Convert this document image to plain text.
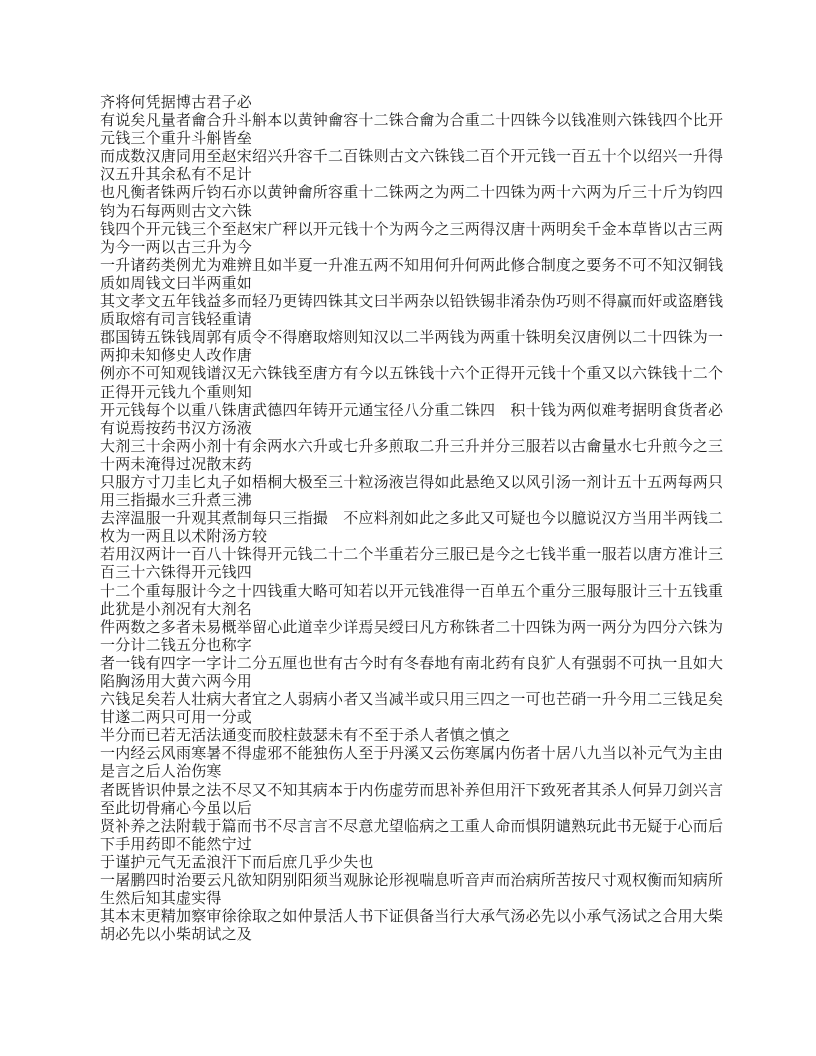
齐将何凭据博古君子必
有说矣凡量者龠合升斗斛本以黄钟龠容十二铢合龠为合重二十四铢今以钱准则六铢钱四个比开
元钱三个重升斗斛皆垒
而成数汉唐同用至赵宋绍兴升容千二百铢则古文六铢钱二百个开元钱一百五十个以绍兴一升得
汉五升其余私有不足计
也凡衡者铢两斤钧石亦以黄钟龠所容重十二铢两之为两二十四铢为两十六两为斤三十斤为钧四
钧为石每两则古文六铢
钱四个开元钱三个至赵宋广秤以开元钱十个为两今之三两得汉唐十两明矣千金本草皆以古三两
为今一两以古三升为今
一升诸药类例尤为难辨且如半夏一升准五两不知用何升何两此修合制度之要务不可不知汉铜钱
质如周钱文曰半两重如
其文孝文五年钱益多而轻乃更铸四铢其文曰半两杂以铅铁锡非淆杂伪巧则不得赢而奸或盗磨钱
质取熔有司言钱轻重请
郡国铸五铢钱周郭有质令不得磨取熔则知汉以二半两钱为两重十铢明矣汉唐例以二十四铢为一
两抑未知修史人改作唐
例亦不可知观钱谱汉无六铢钱至唐方有今以五铢钱十六个正得开元钱十个重又以六铢钱十二个
正得开元钱九个重则知
开元钱每个以重八铢唐武德四年铸开元通宝径八分重二铢四　积十钱为两似难考据明食货者必
有说焉按药书汉方汤液
大剂三十余两小剂十有余两水六升或七升多煎取二升三升并分三服若以古龠量水七升煎今之三
十两未淹得过况散末药
只服方寸刀圭匕丸子如梧桐大极至三十粒汤液岂得如此悬绝又以风引汤一剂计五十五两每两只
用三指撮水三升煮三沸
去滓温服一升观其煮制每只三指撮　不应料剂如此之多此又可疑也今以臆说汉方当用半两钱二
枚为一两且以术附汤方较
若用汉两计一百八十铢得开元钱二十二个半重若分三服已是今之七钱半重一服若以唐方准计三
百三十六铢得开元钱四
十二个重每服计今之十四钱重大略可知若以开元钱准得一百单五个重分三服每服计三十五钱重
此犹是小剂况有大剂名
件两数之多者未易概举留心此道幸少详焉吴绶曰凡方称铢者二十四铢为两一两分为四分六铢为
一分计二钱五分也称字
者一钱有四字一字计二分五厘也世有古今时有冬春地有南北药有良犷人有强弱不可执一且如大
陷胸汤用大黄六两今用
六钱足矣若人壮病大者宜之人弱病小者又当减半或只用三四之一可也芒硝一升今用二三钱足矣
甘遂二两只可用一分或
半分而已若无活法通变而胶柱鼓瑟未有不至于杀人者慎之慎之
一内经云风雨寒暑不得虚邪不能独伤人至于丹溪又云伤寒属内伤者十居八九当以补元气为主由
是言之后人治伤寒
者既皆识仲景之法不尽又不知其病本于内伤虚劳而思补养但用汗下致死者其杀人何异刀剑兴言
至此切骨痛心今虽以后
贤补养之法附载于篇而书不尽言言不尽意尤望临病之工重人命而惧阴谴熟玩此书无疑于心而后
下手用药即不能然宁过
于谨护元气无孟浪汗下而后庶几乎少失也
一屠鹏四时治要云凡欲知阴别阳须当观脉论形视喘息听音声而治病所苦按尺寸观权衡而知病所
生然后知其虚实得
其本末更精加察审徐徐取之如仲景活人书下证俱备当行大承气汤必先以小承气汤试之合用大柴
胡必先以小柴胡试之及
